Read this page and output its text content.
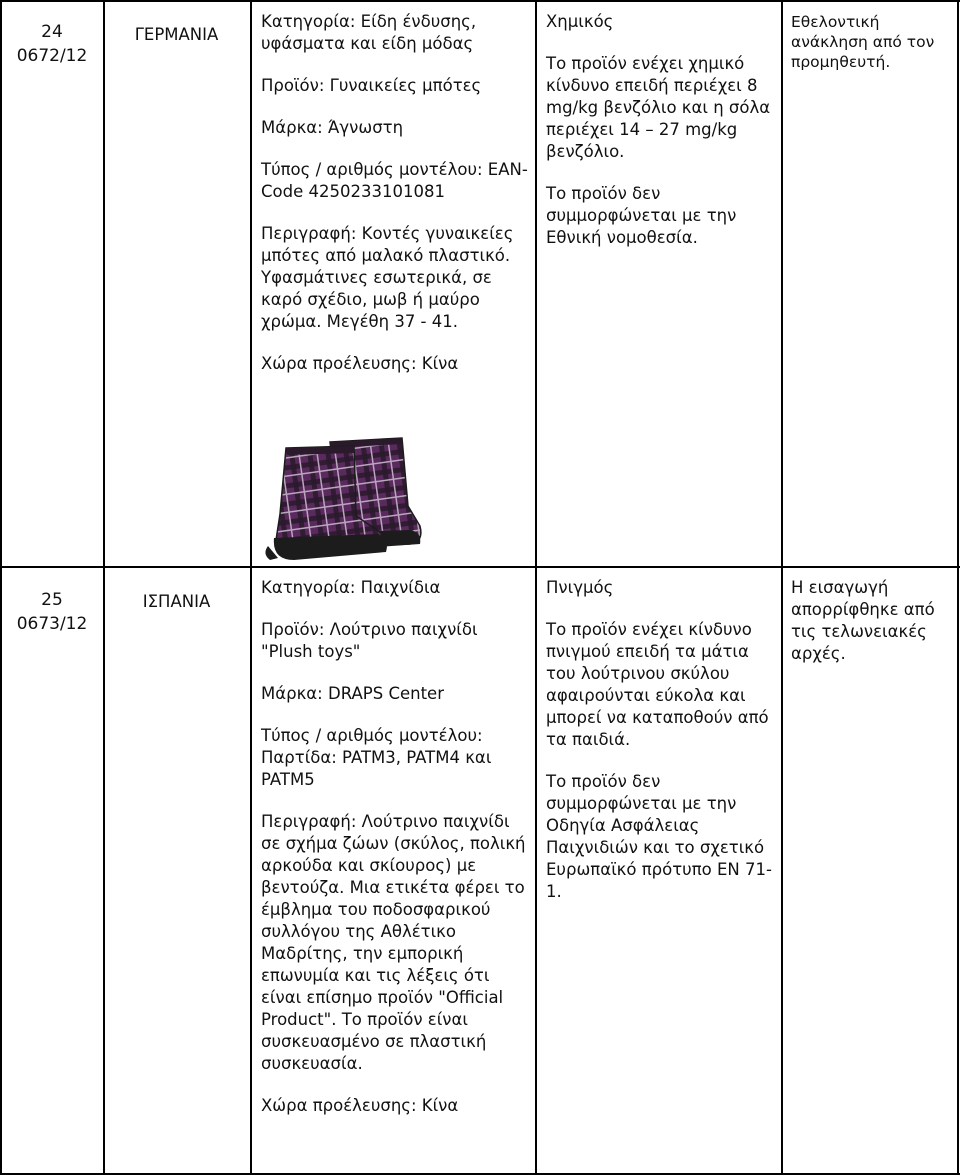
24
0672/12
ΓΕΡΜΑΝΙΑ

Κατηγορία: Είδη ένδυσης, υφάσματα και είδη μόδας

Προϊόν: Γυναικείες μπότες

Μάρκα: Άγνωστη

Τύπος / αριθμός μοντέλου: EAN-Code 4250233101081

Περιγραφή: Κοντές γυναικείες μπότες από μαλακό πλαστικό. Υφασμάτινες εσωτερικά, σε καρό σχέδιο, μωβ ή μαύρο χρώμα. Μεγέθη 37 - 41.

Χώρα προέλευσης: Κίνα

Χημικός

Το προϊόν ενέχει χημικό κίνδυνο επειδή περιέχει 8 mg/kg βενζόλιο και η σόλα περιέχει 14 – 27 mg/kg βενζόλιο.

Το προϊόν δεν συμμορφώνεται με την Εθνική νομοθεσία.

Εθελοντική ανάκληση από τον προμηθευτή.
25
0673/12
ΙΣΠΑΝΙΑ

Κατηγορία: Παιχνίδια

Προϊόν: Λούτρινο παιχνίδι "Plush toys"

Μάρκα: DRAPS Center

Τύπος / αριθμός μοντέλου: Παρτίδα: PATM3, PATM4 και PATM5

Περιγραφή: Λούτρινο παιχνίδι σε σχήμα ζώων (σκύλος, πολική αρκούδα και σκίουρος) με βεντούζα. Μια ετικέτα φέρει το έμβλημα του ποδοσφαρικού συλλόγου της Αθλέτικο Μαδρίτης, την εμπορική επωνυμία και τις λέξεις ότι είναι επίσημο προϊόν "Official Product". Το προϊόν είναι συσκευασμένο σε πλαστική συσκευασία.

Χώρα προέλευσης: Κίνα

Πνιγμός

Το προϊόν ενέχει κίνδυνο πνιγμού επειδή τα μάτια του λούτρινου σκύλου αφαιρούνται εύκολα και μπορεί να καταποθούν από τα παιδιά.

Το προϊόν δεν συμμορφώνεται με την Οδηγία Ασφάλειας Παιχνιδιών και το σχετικό Ευρωπαϊκό πρότυπο EN 71-1.

Η εισαγωγή απορρίφθηκε από τις τελωνειακές αρχές.
